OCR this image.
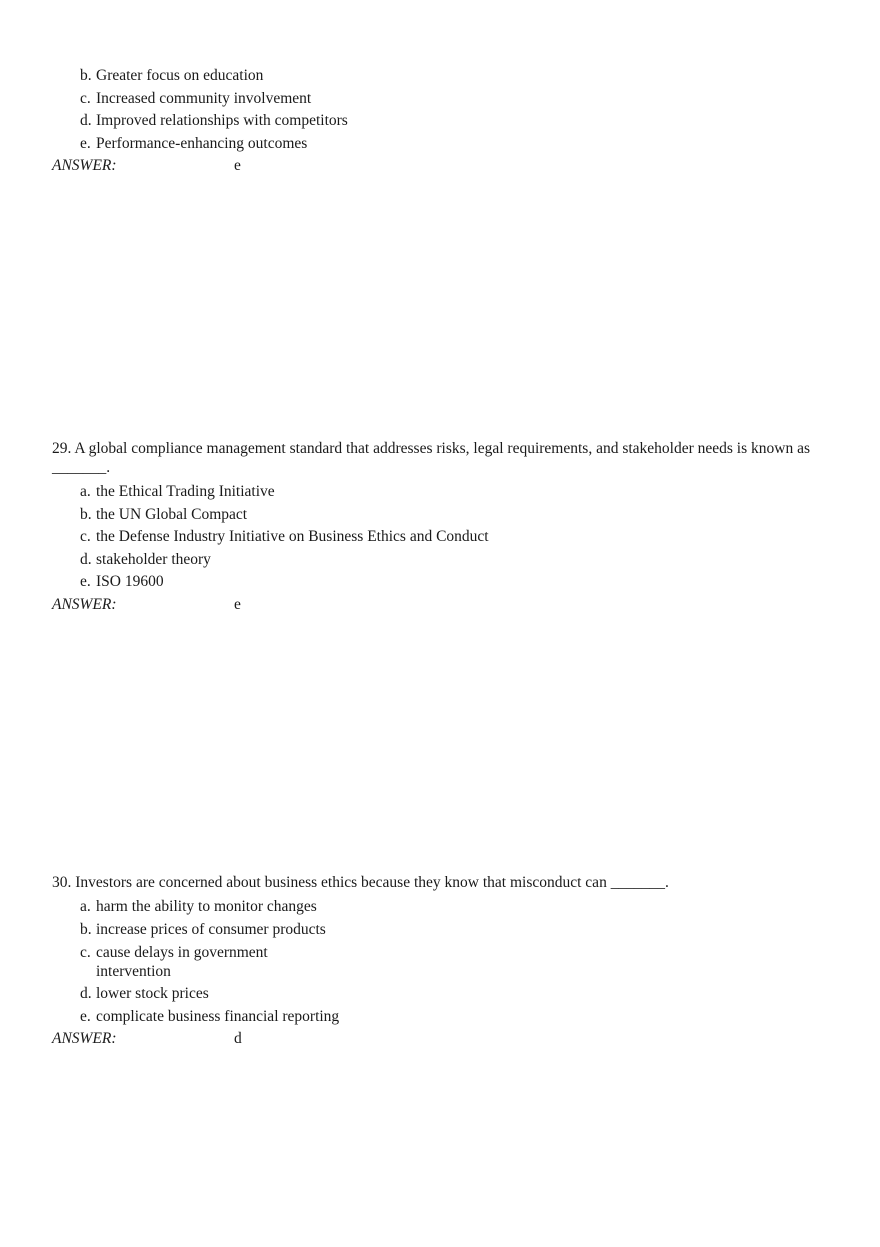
b. Greater focus on education
c. Increased community involvement
d. Improved relationships with competitors
e. Performance-enhancing outcomes
ANSWER:	e
29. A global compliance management standard that addresses risks, legal requirements, and stakeholder needs is known as _______.
a. the Ethical Trading Initiative
b. the UN Global Compact
c. the Defense Industry Initiative on Business Ethics and Conduct
d. stakeholder theory
e. ISO 19600
ANSWER:	e
30. Investors are concerned about business ethics because they know that misconduct can _______.
a. harm the ability to monitor changes
b. increase prices of consumer products
c. cause delays in government intervention
d. lower stock prices
e. complicate business financial reporting
ANSWER:	d
